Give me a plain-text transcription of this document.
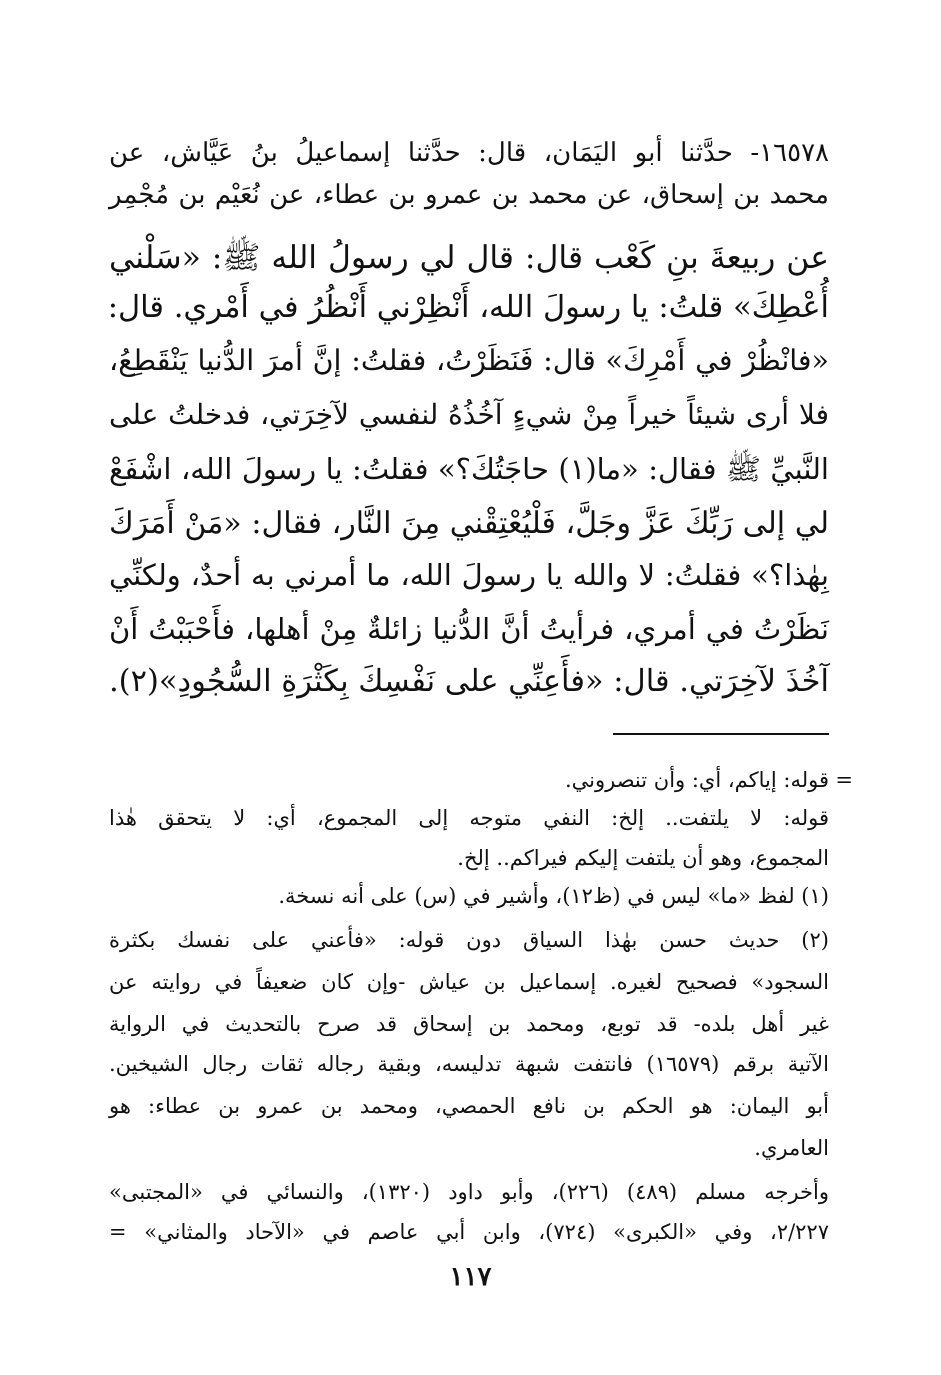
١٦٥٧٨- حدَّثنا أبو اليَمَان، قال: حدَّثنا إسماعيلُ بنُ عَيَّاش، عن
محمد بن إسحاق، عن محمد بن عمرو بن عطاء، عن نُعَيْم بن مُجْمِر
عن ربيعةَ بنِ كَعْب قال: قال لي رسولُ الله ﷺ: «سَلْني
أُعْطِكَ» قلتُ: يا رسولَ الله، أَنْظِرْني أَنْظُرُ في أَمْري. قال:
«فانْظُرْ في أَمْرِكَ» قال: فَنَظَرْتُ، فقلتُ: إنَّ أمرَ الدُّنيا يَنْقَطِعُ،
فلا أرى شيئاً خيراً مِنْ شيءٍ آخُذُهُ لنفسي لآخِرَتي، فدخلتُ على
النَّبيِّ ﷺ فقال: «ما(١) حاجَتُكَ؟» فقلتُ: يا رسولَ الله، اشْفَعْ
لي إلى رَبِّكَ عَزَّ وجَلَّ، فَلْيُعْتِقْني مِنَ النَّار، فقال: «مَنْ أَمَرَكَ
بِهٰذا؟» فقلتُ: لا والله يا رسولَ الله، ما أمرني به أحدٌ، ولكنِّي
نَظَرْتُ في أمري، فرأيتُ أنَّ الدُّنيا زائلةٌ مِنْ أهلها، فأَحْبَبْتُ أَنْ
آخُذَ لآخِرَتي. قال: «فأَعِنِّي على نَفْسِكَ بِكَثْرَةِ السُّجُودِ»(٢).
=
قوله: إياكم، أي: وأن تنصروني.
قوله: لا يلتفت.. إلخ: النفي متوجه إلى المجموع، أي: لا يتحقق هٰذا
المجموع، وهو أن يلتفت إليكم فيراكم.. إلخ.
(١) لفظ «ما» ليس في (ظ١٢)، وأشير في (س) على أنه نسخة.
(٢) حديث حسن بهٰذا السياق دون قوله: «فأعني على نفسك بكثرة
السجود» فصحيح لغيره. إسماعيل بن عياش -وإن كان ضعيفاً في روايته عن
غير أهل بلده- قد توبع، ومحمد بن إسحاق قد صرح بالتحديث في الرواية
الآتية برقم (١٦٥٧٩) فانتفت شبهة تدليسه، وبقية رجاله ثقات رجال الشيخين.
أبو اليمان: هو الحكم بن نافع الحمصي، ومحمد بن عمرو بن عطاء: هو
العامري.
وأخرجه مسلم (٤٨٩) (٢٢٦)، وأبو داود (١٣٢٠)، والنسائي في «المجتبى»
٢/٢٢٧، وفي «الكبرى» (٧٢٤)، وابن أبي عاصم في «الآحاد والمثاني» =
١١٧
